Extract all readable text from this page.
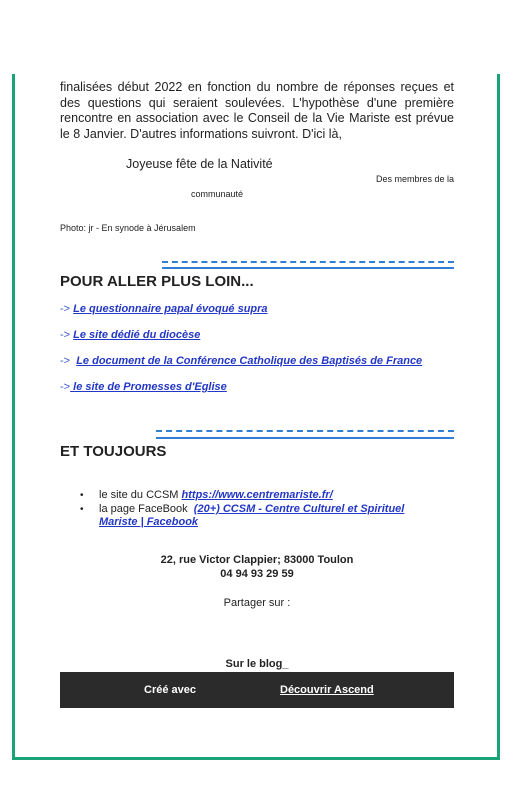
finalisées début 2022 en fonction du nombre de réponses reçues et des questions qui seraient soulevées. L'hypothèse d'une première rencontre en association avec le Conseil de la Vie Mariste est prévue le 8 Janvier. D'autres informations suivront. D'ici là,

Joyeuse fête de la Nativité
Des membres de la
communauté
Photo: jr - En synode à Jérusalem
POUR ALLER PLUS LOIN...
-> Le questionnaire papal évoqué supra
-> Le site dédié du diocèse
->  Le document de la Conférence Catholique des Baptisés de France
-> le site de Promesses d'Eglise
ET TOUJOURS
• le site du CCSM https://www.centremariste.fr/
• la page FaceBook  (20+) CCSM - Centre Culturel et Spirituel Mariste | Facebook
22, rue Victor Clappier; 83000 Toulon
04 94 93 29 59
Partager sur :
Sur le blog_
Créé avec	Découvrir Ascend
